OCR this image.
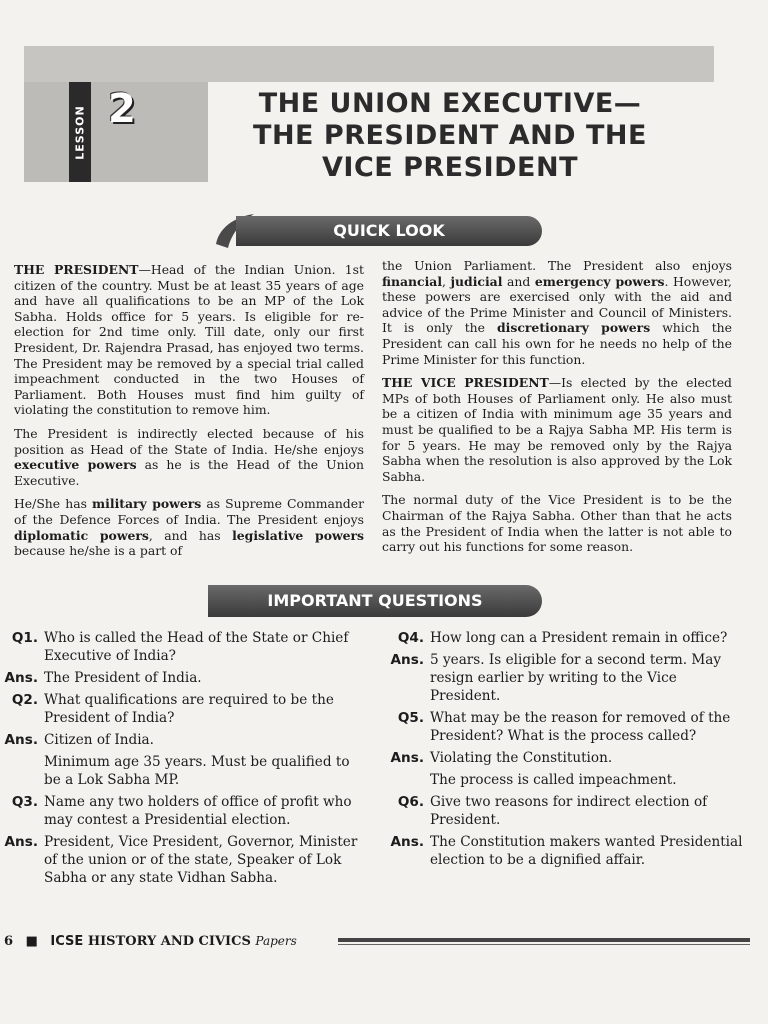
LESSON 2	THE UNION EXECUTIVE—
THE PRESIDENT AND THE
VICE PRESIDENT
QUICK LOOK

THE PRESIDENT—Head of the Indian Union. 1st citizen of the country. Must be at least 35 years of age and have all qualifications to be an MP of the Lok Sabha. Holds office for 5 years. Is eligible for re-election for 2nd time only. Till date, only our first President, Dr. Rajendra Prasad, has enjoyed two terms. The President may be removed by a special trial called impeachment conducted in the two Houses of Parliament. Both Houses must find him guilty of violating the constitution to remove him.

The President is indirectly elected because of his position as Head of the State of India. He/she enjoys executive powers as he is the Head of the Union Executive.

He/She has military powers as Supreme Commander of the Defence Forces of India. The President enjoys diplomatic powers, and has legislative powers because he/she is a part of

the Union Parliament. The President also enjoys financial, judicial and emergency powers. However, these powers are exercised only with the aid and advice of the Prime Minister and Council of Ministers. It is only the discretionary powers which the President can call his own for he needs no help of the Prime Minister for this function.

THE VICE PRESIDENT—Is elected by the elected MPs of both Houses of Parliament only. He also must be a citizen of India with minimum age 35 years and must be qualified to be a Rajya Sabha MP. His term is for 5 years. He may be removed only by the Rajya Sabha when the resolution is also approved by the Lok Sabha.

The normal duty of the Vice President is to be the Chairman of the Rajya Sabha. Other than that he acts as the President of India when the latter is not able to carry out his functions for some reason.

IMPORTANT QUESTIONS
Q1. Who is called the Head of the State or Chief Executive of India?
Ans. The President of India.
Q2. What qualifications are required to be the President of India?
Ans. Citizen of India.
Minimum age 35 years. Must be qualified to be a Lok Sabha MP.
Q3. Name any two holders of office of profit who may contest a Presidential election.
Ans. President, Vice President, Governor, Minister of the union or of the state, Speaker of Lok Sabha or any state Vidhan Sabha.
Q4. How long can a President remain in office?
Ans. 5 years. Is eligible for a second term. May resign earlier by writing to the Vice President.
Q5. What may be the reason for removed of the President? What is the process called?
Ans. Violating the Constitution.
The process is called impeachment.
Q6. Give two reasons for indirect election of President.
Ans. The Constitution makers wanted Presidential election to be a dignified affair.
6 ■ ICSE HISTORY AND CIVICS Papers
